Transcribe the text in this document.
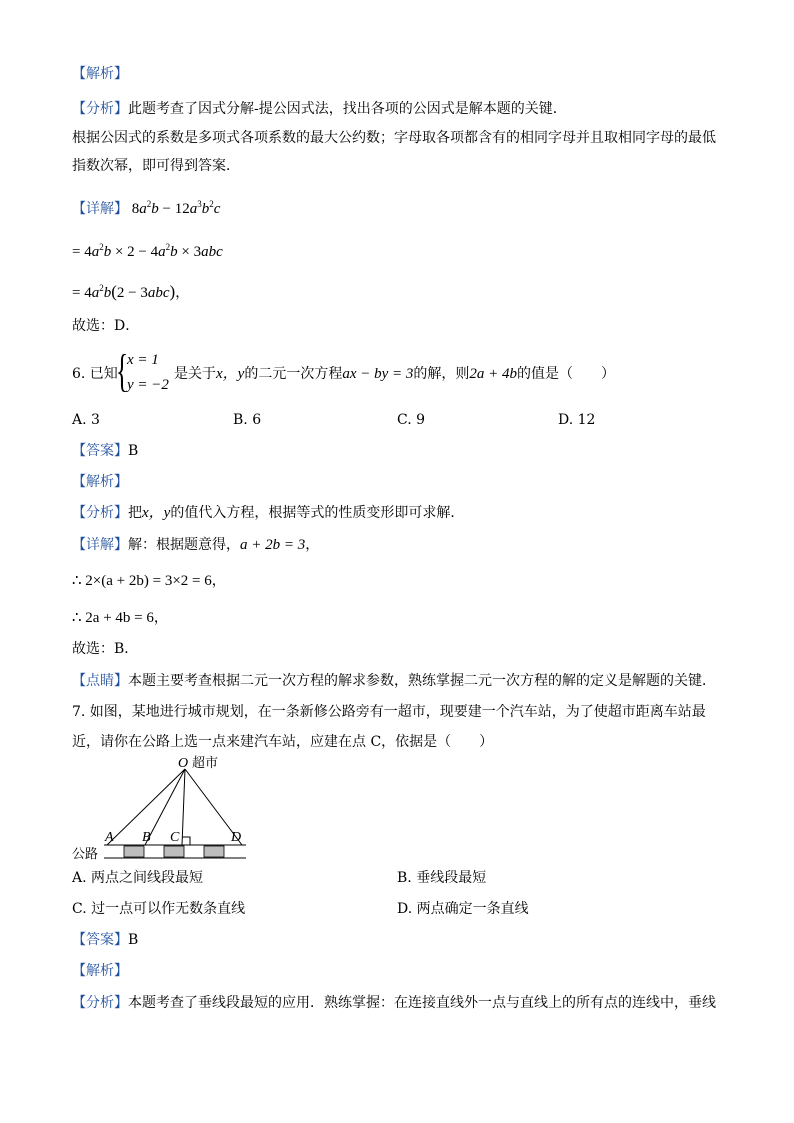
【解析】
【分析】此题考查了因式分解-提公因式法，找出各项的公因式是解本题的关键．
根据公因式的系数是多项式各项系数的最大公约数；字母取各项都含有的相同字母并且取相同字母的最低
指数次幂，即可得到答案．
【详解】 $8a^2b - 12a^3b^2c$
= $4a^2b \times 2 - 4a^2b \times 3abc$
= $4a^2b(2 - 3abc)$，
故选：D．
6. 已知
{
x = 1
y = −2
是关于x，y的二元一次方程ax − by = 3的解，则2a + 4b的值是（　　）
A. 3	B. 6	C. 9	D. 12
【答案】B
【解析】
【分析】把x，y的值代入方程，根据等式的性质变形即可求解．
【详解】解：根据题意得，a + 2b = 3，
∴ 2×(a + 2b) = 3×2 = 6，
∴ 2a + 4b = 6，
故选：B．
【点睛】本题主要考查根据二元一次方程的解求参数，熟练掌握二元一次方程的解的定义是解题的关键．
7. 如图，某地进行城市规划，在一条新修公路旁有一超市，现要建一个汽车站，为了使超市距离车站最
近，请你在公路上选一点来建汽车站，应建在点 C，依据是（　　）
O
A B C	D
超市
公路
A. 两点之间线段最短	B. 垂线段最短
C. 过一点可以作无数条直线	D. 两点确定一条直线
【答案】B
【解析】
【分析】本题考查了垂线段最短的应用．熟练掌握：在连接直线外一点与直线上的所有点的连线中，垂线
